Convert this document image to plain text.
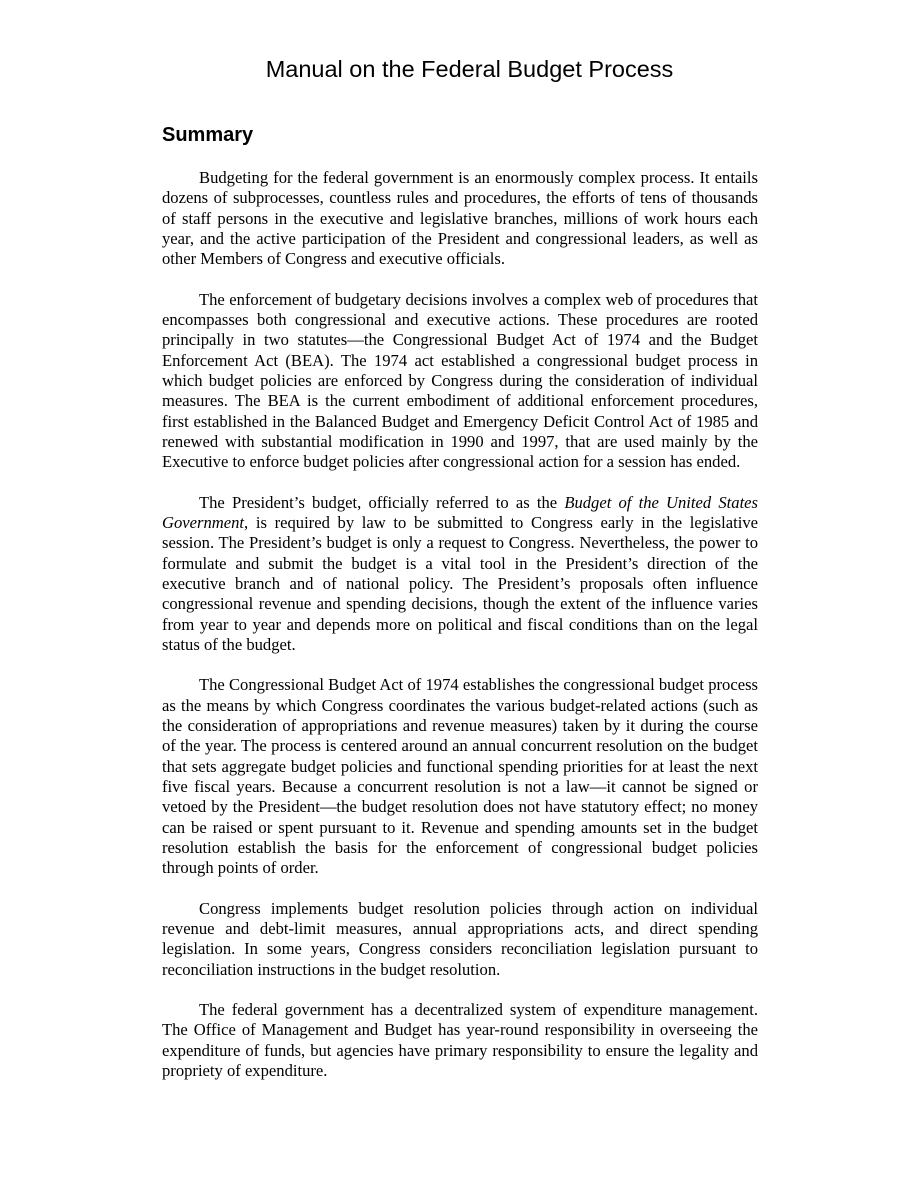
Manual on the Federal Budget Process
Summary

Budgeting for the federal government is an enormously complex process. It entails dozens of subprocesses, countless rules and procedures, the efforts of tens of thousands of staff persons in the executive and legislative branches, millions of work hours each year, and the active participation of the President and congressional leaders, as well as other Members of Congress and executive officials.

The enforcement of budgetary decisions involves a complex web of procedures that encompasses both congressional and executive actions. These procedures are rooted principally in two statutes—the Congressional Budget Act of 1974 and the Budget Enforcement Act (BEA). The 1974 act established a congressional budget process in which budget policies are enforced by Congress during the consideration of individual measures. The BEA is the current embodiment of additional enforcement procedures, first established in the Balanced Budget and Emergency Deficit Control Act of 1985 and renewed with substantial modification in 1990 and 1997, that are used mainly by the Executive to enforce budget policies after congressional action for a session has ended.

The President’s budget, officially referred to as the Budget of the United States Government, is required by law to be submitted to Congress early in the legislative session. The President’s budget is only a request to Congress. Nevertheless, the power to formulate and submit the budget is a vital tool in the President’s direction of the executive branch and of national policy. The President’s proposals often influence congressional revenue and spending decisions, though the extent of the influence varies from year to year and depends more on political and fiscal conditions than on the legal status of the budget.

The Congressional Budget Act of 1974 establishes the congressional budget process as the means by which Congress coordinates the various budget-related actions (such as the consideration of appropriations and revenue measures) taken by it during the course of the year. The process is centered around an annual concurrent resolution on the budget that sets aggregate budget policies and functional spending priorities for at least the next five fiscal years. Because a concurrent resolution is not a law—it cannot be signed or vetoed by the President—the budget resolution does not have statutory effect; no money can be raised or spent pursuant to it. Revenue and spending amounts set in the budget resolution establish the basis for the enforcement of congressional budget policies through points of order.

Congress implements budget resolution policies through action on individual revenue and debt-limit measures, annual appropriations acts, and direct spending legislation. In some years, Congress considers reconciliation legislation pursuant to reconciliation instructions in the budget resolution.

The federal government has a decentralized system of expenditure management. The Office of Management and Budget has year-round responsibility in overseeing the expenditure of funds, but agencies have primary responsibility to ensure the legality and propriety of expenditure.
